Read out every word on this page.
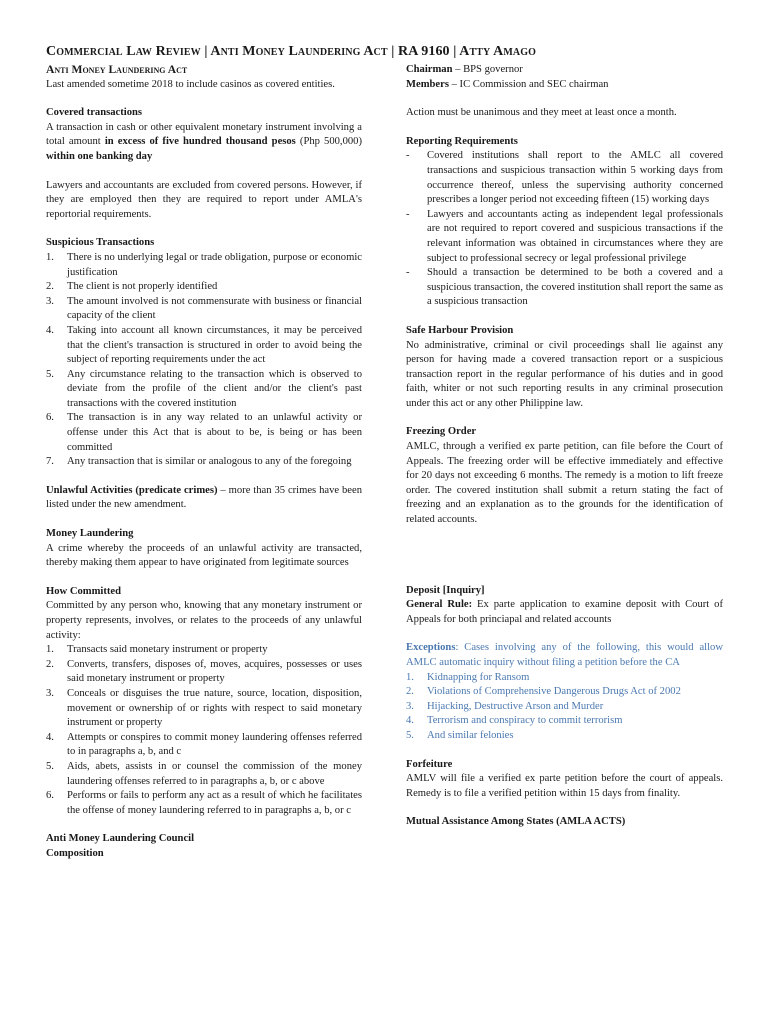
Commercial Law Review | Anti Money Laundering Act | RA 9160 | Atty Amago
Anti Money Laundering Act

Last amended sometime 2018 to include casinos as covered entities.

Covered transactions

A transaction in cash or other equivalent monetary instrument involving a total amount in excess of five hundred thousand pesos (Php 500,000) within one banking day

Lawyers and accountants are excluded from covered persons. However, if they are employed then they are required to report under AMLA's reportorial requirements.

Suspicious Transactions
1. There is no underlying legal or trade obligation, purpose or economic justification
2. The client is not properly identified
3. The amount involved is not commensurate with business or financial capacity of the client
4. Taking into account all known circumstances, it may be perceived that the client's transaction is structured in order to avoid being the subject of reporting requirements under the act
5. Any circumstance relating to the transaction which is observed to deviate from the profile of the client and/or the client's past transactions with the covered institution
6. The transaction is in any way related to an unlawful activity or offense under this Act that is about to be, is being or has been committed
7. Any transaction that is similar or analogous to any of the foregoing

Unlawful Activities (predicate crimes) – more than 35 crimes have been listed under the new amendment.

Money Laundering

A crime whereby the proceeds of an unlawful activity are transacted, thereby making them appear to have originated from legitimate sources

How Committed

Committed by any person who, knowing that any monetary instrument or property represents, involves, or relates to the proceeds of any unlawful activity:

1. Transacts said monetary instrument or property
2. Converts, transfers, disposes of, moves, acquires, possesses or uses said monetary instrument or property
3. Conceals or disguises the true nature, source, location, disposition, movement or ownership of or rights with respect to said monetary instrument or property
4. Attempts or conspires to commit money laundering offenses referred to in paragraphs a, b, and c
5. Aids, abets, assists in or counsel the commission of the money laundering offenses referred to in paragraphs a, b, or c above
6. Performs or fails to perform any act as a result of which he facilitates the offense of money laundering referred to in paragraphs a, b, or c
Anti Money Laundering Council
Composition

Chairman – BPS governor

Members – IC Commission and SEC chairman

Action must be unanimous and they meet at least once a month.

Reporting Requirements
- Covered institutions shall report to the AMLC all covered transactions and suspicious transaction within 5 working days from occurrence thereof, unless the supervising authority concerned prescribes a longer period not exceeding fifteen (15) working days
- Lawyers and accountants acting as independent legal professionals are not required to report covered and suspicious transactions if the relevant information was obtained in circumstances where they are subject to professional secrecy or legal professional privilege
- Should a transaction be determined to be both a covered and a suspicious transaction, the covered institution shall report the same as a suspicious transaction
Safe Harbour Provision

No administrative, criminal or civil proceedings shall lie against any person for having made a covered transaction report or a suspicious transaction report in the regular performance of his duties and in good faith, whiter or not such reporting results in any criminal prosecution under this act or any other Philippine law.

Freezing Order

AMLC, through a verified ex parte petition, can file before the Court of Appeals. The freezing order will be effective immediately and effective for 20 days not exceeding 6 months. The remedy is a motion to lift freeze order. The covered institution shall submit a return stating the fact of freezing and an explanation as to the grounds for the identification of related accounts.

Deposit [Inquiry]

General Rule: Ex parte application to examine deposit with Court of Appeals for both princiapal and related accounts

Exceptions: Cases involving any of the following, this would allow AMLC automatic inquiry without filing a petition before the CA

1. Kidnapping for Ransom
2. Violations of Comprehensive Dangerous Drugs Act of 2002
3. Hijacking, Destructive Arson and Murder
4. Terrorism and conspiracy to commit terrorism
5. And similar felonies
Forfeiture

AMLV will file a verified ex parte petition before the court of appeals. Remedy is to file a verified petition within 15 days from finality.

Mutual Assistance Among States (AMLA ACTS)
